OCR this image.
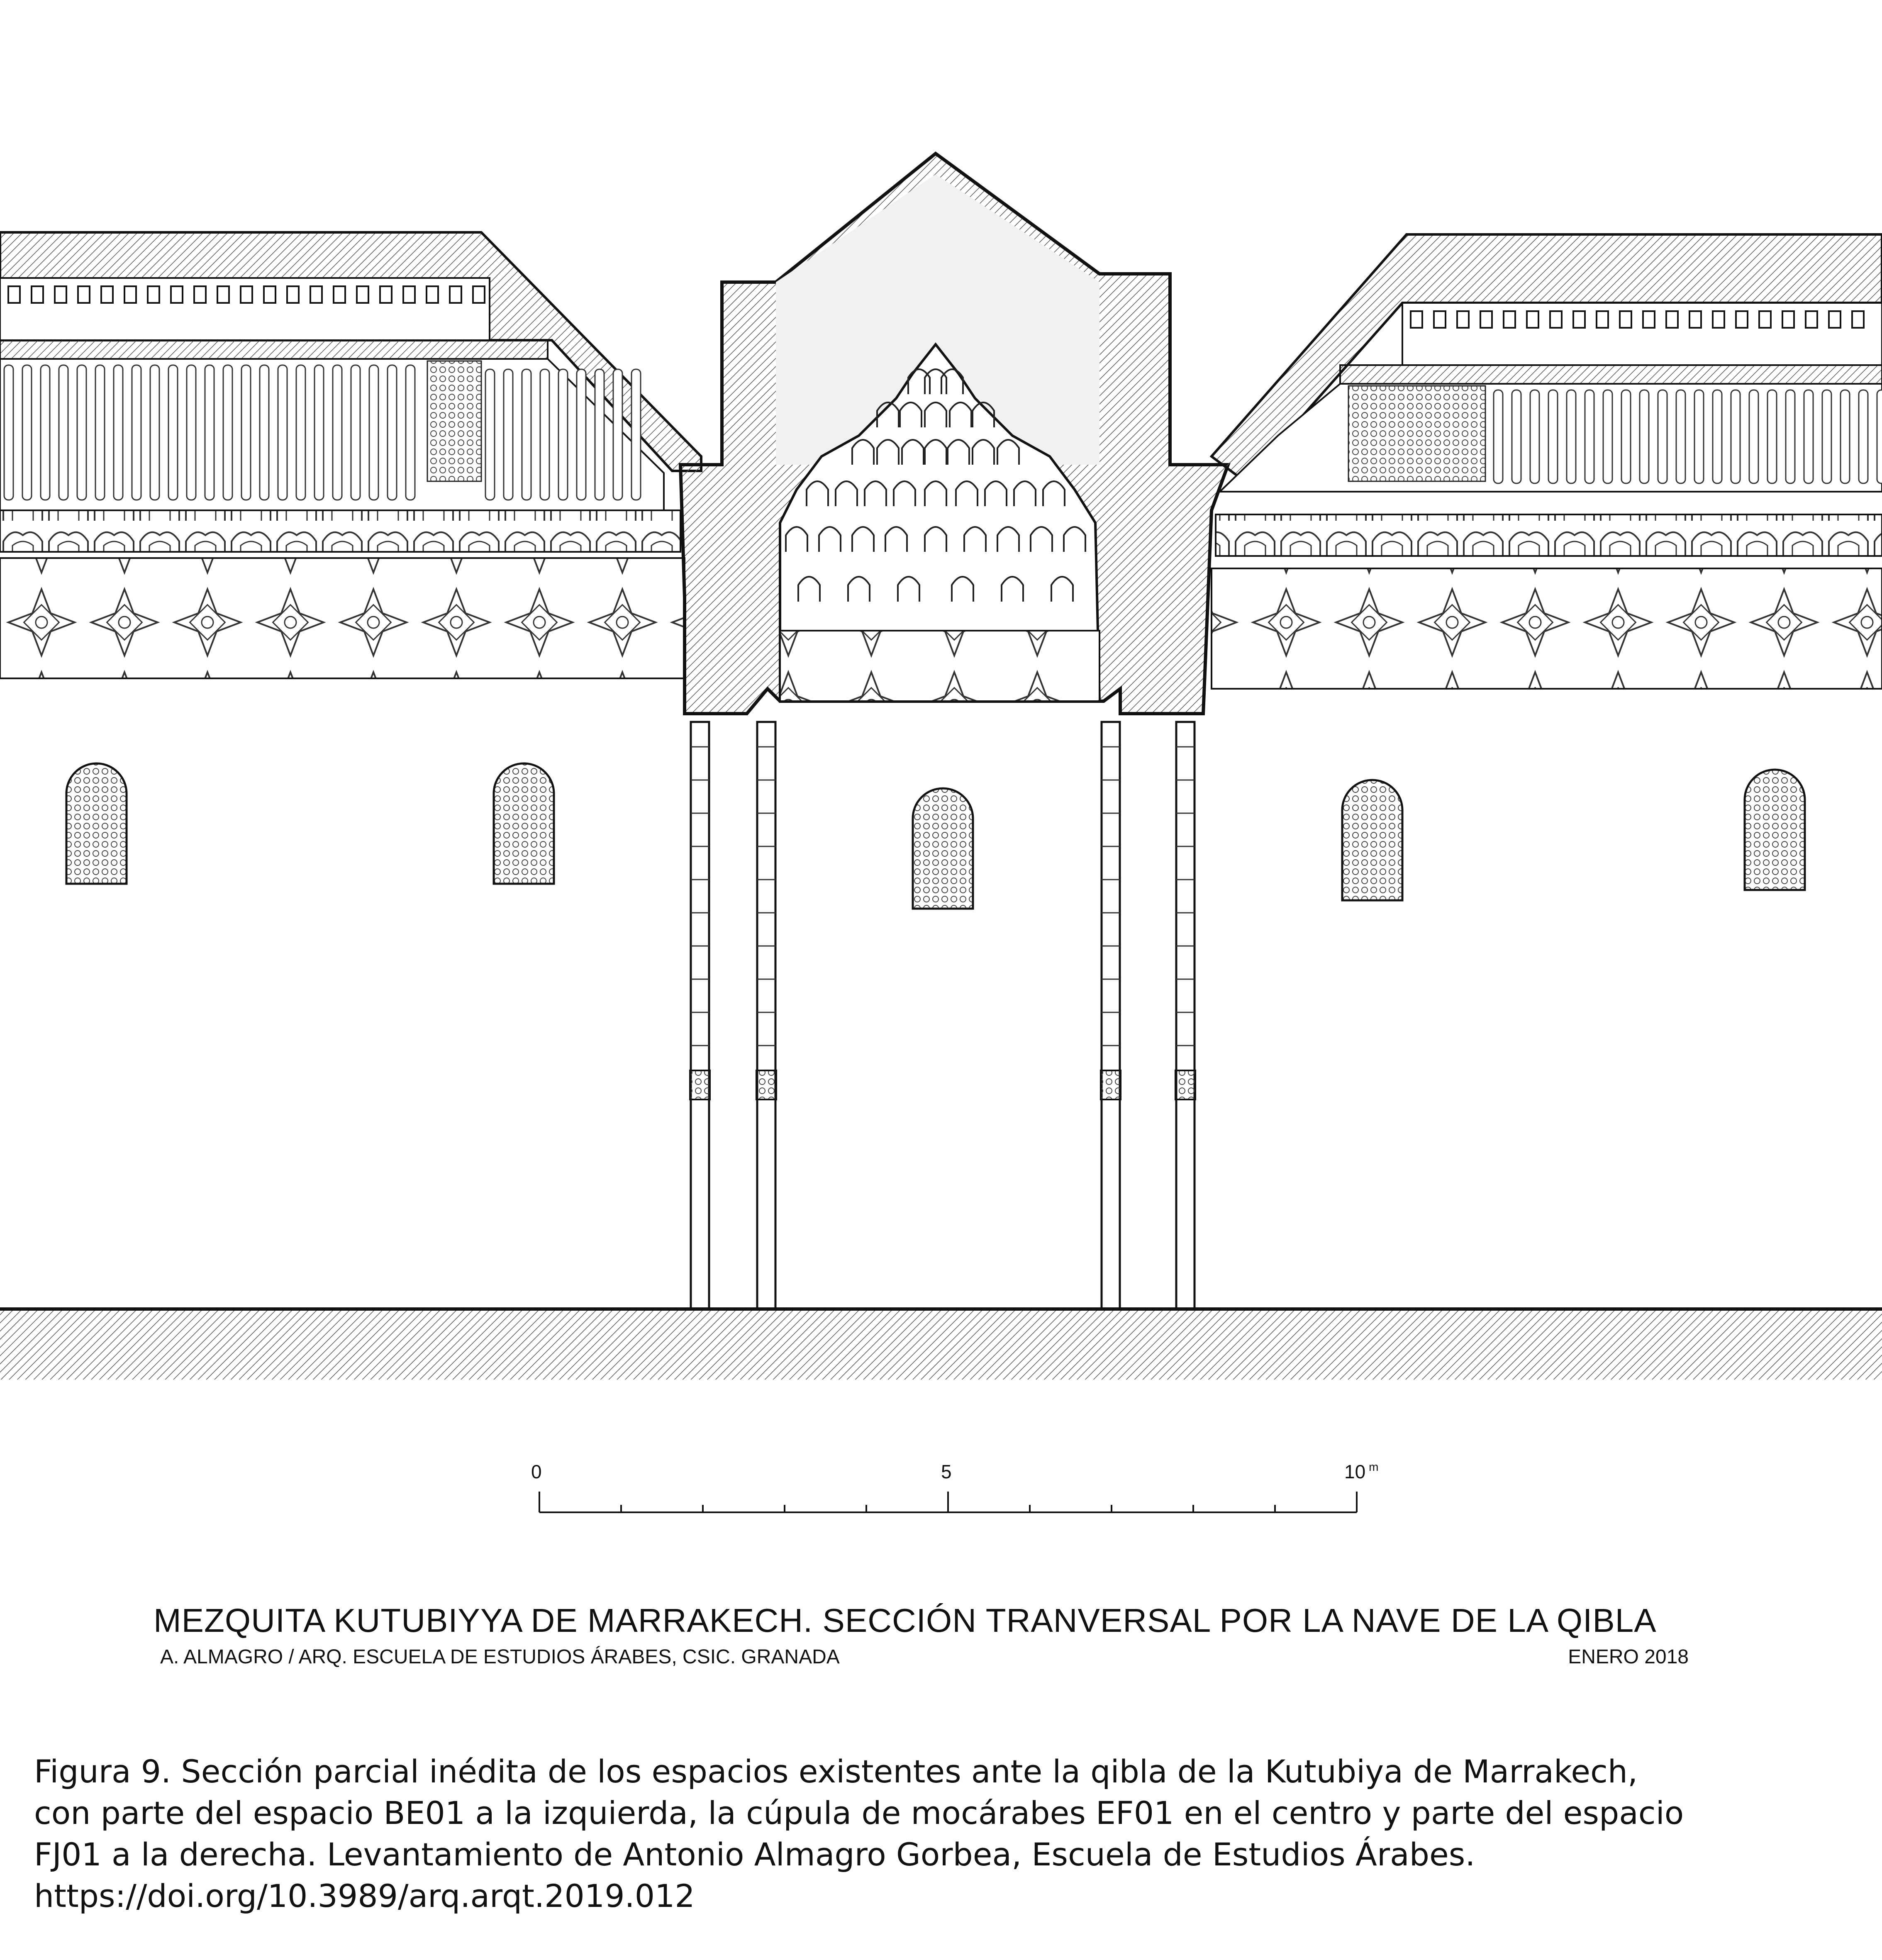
0	5	10 $^m$
MEZQUITA KUTUBIYYA DE MARRAKECH. SECCIÓN TRANVERSAL POR LA NAVE DE LA QIBLA
A. ALMAGRO / ARQ. ESCUELA DE ESTUDIOS ÁRABES, CSIC. GRANADA	ENERO 2018
Figura 9. Sección parcial inédita de los espacios existentes ante la qibla de la Kutubiya de Marrakech,
con parte del espacio BE01 a la izquierda, la cúpula de mocárabes EF01 en el centro y parte del espacio
FJ01 a la derecha. Levantamiento de Antonio Almagro Gorbea, Escuela de Estudios Árabes.
https://doi.org/10.3989/arq.arqt.2019.012
